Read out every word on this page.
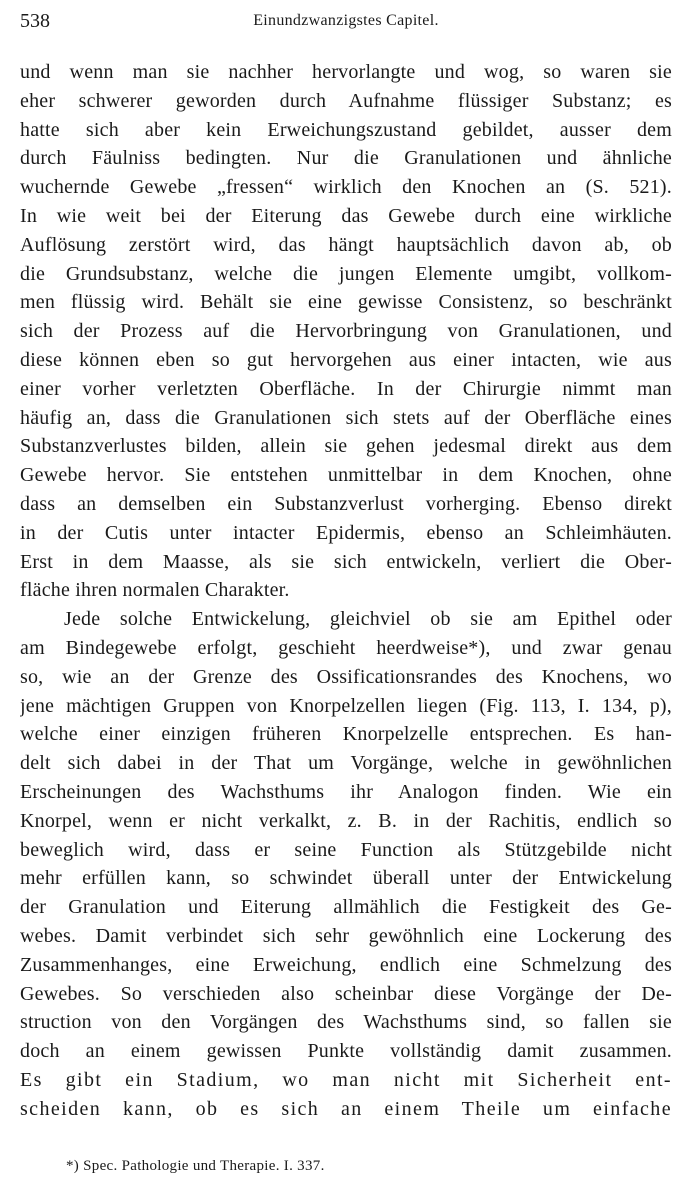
538	Einundzwanzigstes Capitel.
und wenn man sie nachher hervorlangte und wog, so waren sie
eher schwerer geworden durch Aufnahme flüssiger Substanz; es
hatte sich aber kein Erweichungszustand gebildet, ausser dem
durch Fäulniss bedingten. Nur die Granulationen und ähnliche
wuchernde Gewebe „fressen“ wirklich den Knochen an (S. 521).
In wie weit bei der Eiterung das Gewebe durch eine wirkliche
Auflösung zerstört wird, das hängt hauptsächlich davon ab, ob
die Grundsubstanz, welche die jungen Elemente umgibt, vollkom-
men flüssig wird. Behält sie eine gewisse Consistenz, so beschränkt
sich der Prozess auf die Hervorbringung von Granulationen, und
diese können eben so gut hervorgehen aus einer intacten, wie aus
einer vorher verletzten Oberfläche. In der Chirurgie nimmt man
häufig an, dass die Granulationen sich stets auf der Oberfläche eines
Substanzverlustes bilden, allein sie gehen jedesmal direkt aus dem
Gewebe hervor. Sie entstehen unmittelbar in dem Knochen, ohne
dass an demselben ein Substanzverlust vorherging. Ebenso direkt
in der Cutis unter intacter Epidermis, ebenso an Schleimhäuten.
Erst in dem Maasse, als sie sich entwickeln, verliert die Ober-
fläche ihren normalen Charakter.
Jede solche Entwickelung, gleichviel ob sie am Epithel oder
am Bindegewebe erfolgt, geschieht heerdweise*), und zwar genau
so, wie an der Grenze des Ossificationsrandes des Knochens, wo
jene mächtigen Gruppen von Knorpelzellen liegen (Fig. 113, I. 134, p),
welche einer einzigen früheren Knorpelzelle entsprechen. Es han-
delt sich dabei in der That um Vorgänge, welche in gewöhnlichen
Erscheinungen des Wachsthums ihr Analogon finden. Wie ein
Knorpel, wenn er nicht verkalkt, z. B. in der Rachitis, endlich so
beweglich wird, dass er seine Function als Stützgebilde nicht
mehr erfüllen kann, so schwindet überall unter der Entwickelung
der Granulation und Eiterung allmählich die Festigkeit des Ge-
webes. Damit verbindet sich sehr gewöhnlich eine Lockerung des
Zusammenhanges, eine Erweichung, endlich eine Schmelzung des
Gewebes. So verschieden also scheinbar diese Vorgänge der De-
struction von den Vorgängen des Wachsthums sind, so fallen sie
doch an einem gewissen Punkte vollständig damit zusammen.
Es gibt ein Stadium, wo man nicht mit Sicherheit ent-
scheiden kann, ob es sich an einem Theile um einfache
*) Spec. Pathologie und Therapie. I. 337.
